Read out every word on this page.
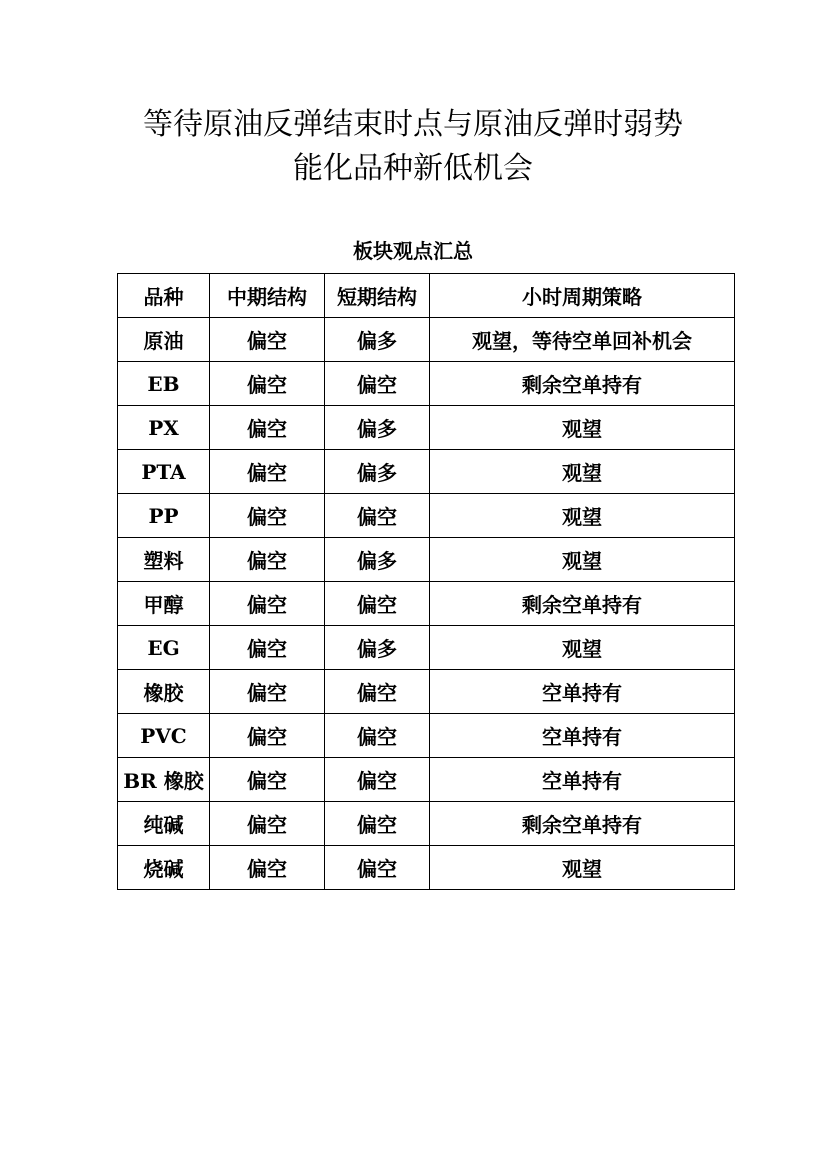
等待原油反弹结束时点与原油反弹时弱势
能化品种新低机会
板块观点汇总
品种	中期结构	短期结构	小时周期策略
原油	偏空	偏多	观望，等待空单回补机会
EB	偏空	偏空	剩余空单持有
PX	偏空	偏多	观望
PTA	偏空	偏多	观望
PP	偏空	偏空	观望
塑料	偏空	偏多	观望
甲醇	偏空	偏空	剩余空单持有
EG	偏空	偏多	观望
橡胶	偏空	偏空	空单持有
PVC	偏空	偏空	空单持有
BR 橡胶	偏空	偏空	空单持有
纯碱	偏空	偏空	剩余空单持有
烧碱	偏空	偏空	观望
